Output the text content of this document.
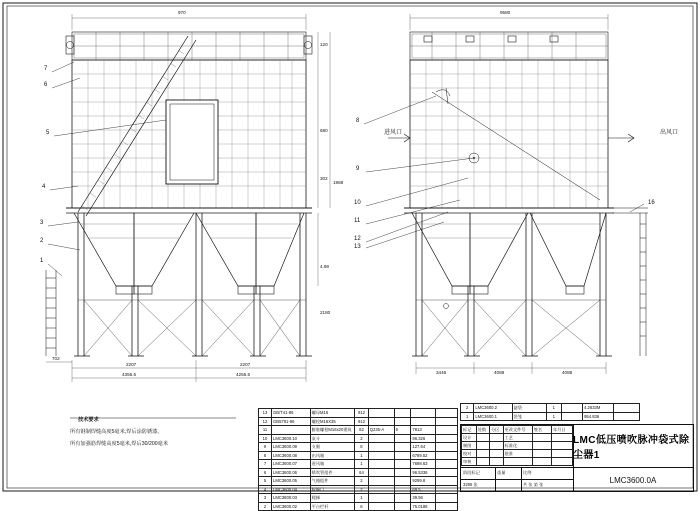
970
120
680
1988
302
4.98
2180
702
2207	2207
4355.5	4255.5
7
6
5
4
3
2
1
9580
3446	4088	4088
进风口	出风口
8
9
10
11
12
13
16
技术要求
所有钢制焊缝高度5毫米,焊后涂防锈漆。
所有加强筋焊缝高度5毫米,焊后30/200毫米
13	GB/T41-86	螺母M16	912				
12	GB5781-86	螺栓M16X35	912				
11		膨胀螺栓M16x20建筑	62	Q235-A	6	7813	
10	LMC3600.10	灰斗	2			96.326	
9	LMC3600.09	支腿	8			127.64	
8	LMC3600.08	出风箱	1			6789.52	
7	LMC3600.07	进风箱	1			7698.63	
6	LMC3600.06	喷吹管组件	64			96.5336	
5	LMC3600.05	气箱组件	2			9299.8	
4	LMC3600.04	检修门	2			69.5	
3	LMC3600.03	爬梯	1			39.56	
2	LMC3600.02	平台栏杆	6			75.0188	
2	LMC3600.2	滤袋	1		4.2633M	
1	LMC3600.1	袋笼	1		954.836	
标记	处数	分区	更改文件号	签名	年月日
设计			工艺		
制图			标准化		
校对			批准		
审核					
LMC低压喷吹脉冲袋式除尘器1
阶段标记	重量	比例
3295 张	共 张 第 张	LMC3600.0A
